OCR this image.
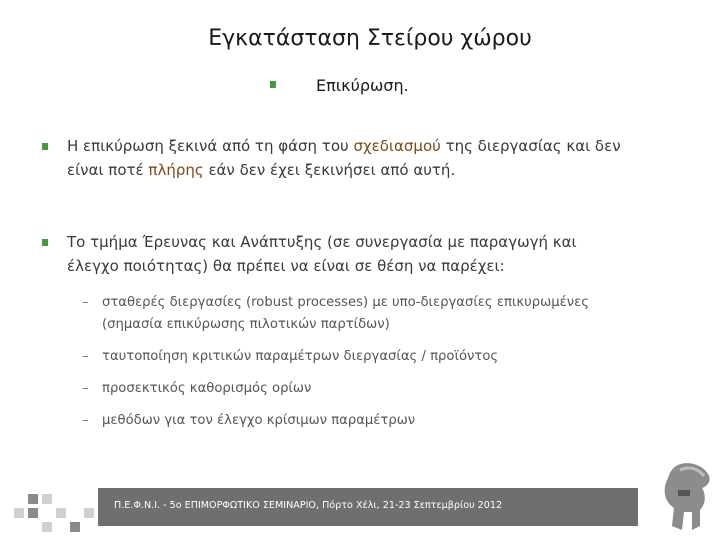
Εγκατάσταση Στείρου χώρου
Επικύρωση.
Η επικύρωση ξεκινά από τη φάση του σχεδιασμού της διεργασίας και δεν
είναι ποτέ πλήρης εάν δεν έχει ξεκινήσει από αυτή.
Το τμήμα Έρευνας και Ανάπτυξης (σε συνεργασία με παραγωγή και
έλεγχο ποιότητας) θα πρέπει να είναι σε θέση να παρέχει:
– σταθερές διεργασίες (robust processes) με υπο-διεργασίες επικυρωμένες
(σημασία επικύρωσης πιλοτικών παρτίδων)
– ταυτοποίηση κριτικών παραμέτρων διεργασίας / προϊόντος
– προσεκτικός καθορισμός ορίων
– μεθόδων για τον έλεγχο κρίσιμων παραμέτρων
Π.Ε.Φ.Ν.Ι. - 5ο ΕΠΙΜΟΡΦΩΤΙΚΟ ΣΕΜΙΝΑΡΙΟ, Πόρτο Χέλι, 21-23 Σεπτεμβρίου 2012
